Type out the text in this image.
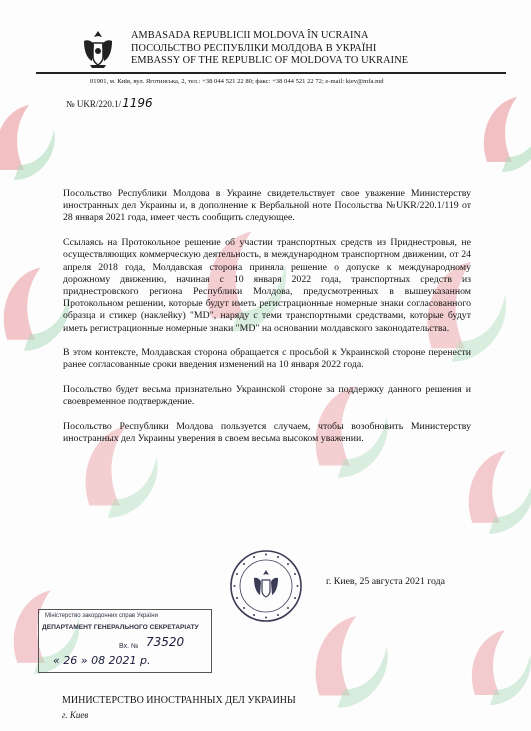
AMBASADA REPUBLICII MOLDOVA ÎN UCRAINA
ПОСОЛЬСТВО РЕСПУБЛІКИ МОЛДОВА В УКРАЇНІ
EMBASSY OF THE REPUBLIC OF MOLDOVA TO UKRAINE
01901, м. Київ, вул. Яготинська, 2, тел.: +38 044 521 22 80; факс: +38 044 521 22 72; e-mail: kiev@mfa.md
№ UKR/220.1/1196

Посольство Республики Молдова в Украине свидетельствует свое уважение Министерству иностранных дел Украины и, в дополнение к Вербальной ноте Посольства №UKR/220.1/119 от 28 января 2021 года, имеет честь сообщить следующее.

Ссылаясь на Протокольное решение об участии транспортных средств из Приднестровья, не осуществляющих коммерческую деятельность, в международном транспортном движении, от 24 апреля 2018 года, Молдавская сторона приняла решение о допуске к международному дорожному движению, начиная с 10 января 2022 года, транспортных средств из приднестровского региона Республики Молдова, предусмотренных в вышеуказанном Протокольном решении, которые будут иметь регистрационные номерные знаки согласованного образца и стикер (наклейку) "MD", наряду с теми транспортными средствами, которые будут иметь регистрационные номерные знаки "MD" на основании молдавского законодательства.

В этом контексте, Молдавская сторона обращается с просьбой к Украинской стороне перенести ранее согласованные сроки введения изменений на 10 января 2022 года.

Посольство будет весьма признательно Украинской стороне за поддержку данного решения и своевременное подтверждение.

Посольство Республики Молдова пользуется случаем, чтобы возобновить Министерству иностранных дел Украины уверения в своем весьма высоком уважении.

г. Киев, 25 августа 2021 года
Міністерство закордонних справ України
ДЕПАРТАМЕНТ ГЕНЕРАЛЬНОГО СЕКРЕТАРІАТУ
Вх. № 73520
« 26 » 08 2021 р.
МИНИСТЕРСТВО ИНОСТРАННЫХ ДЕЛ УКРАИНЫ
г. Киев
